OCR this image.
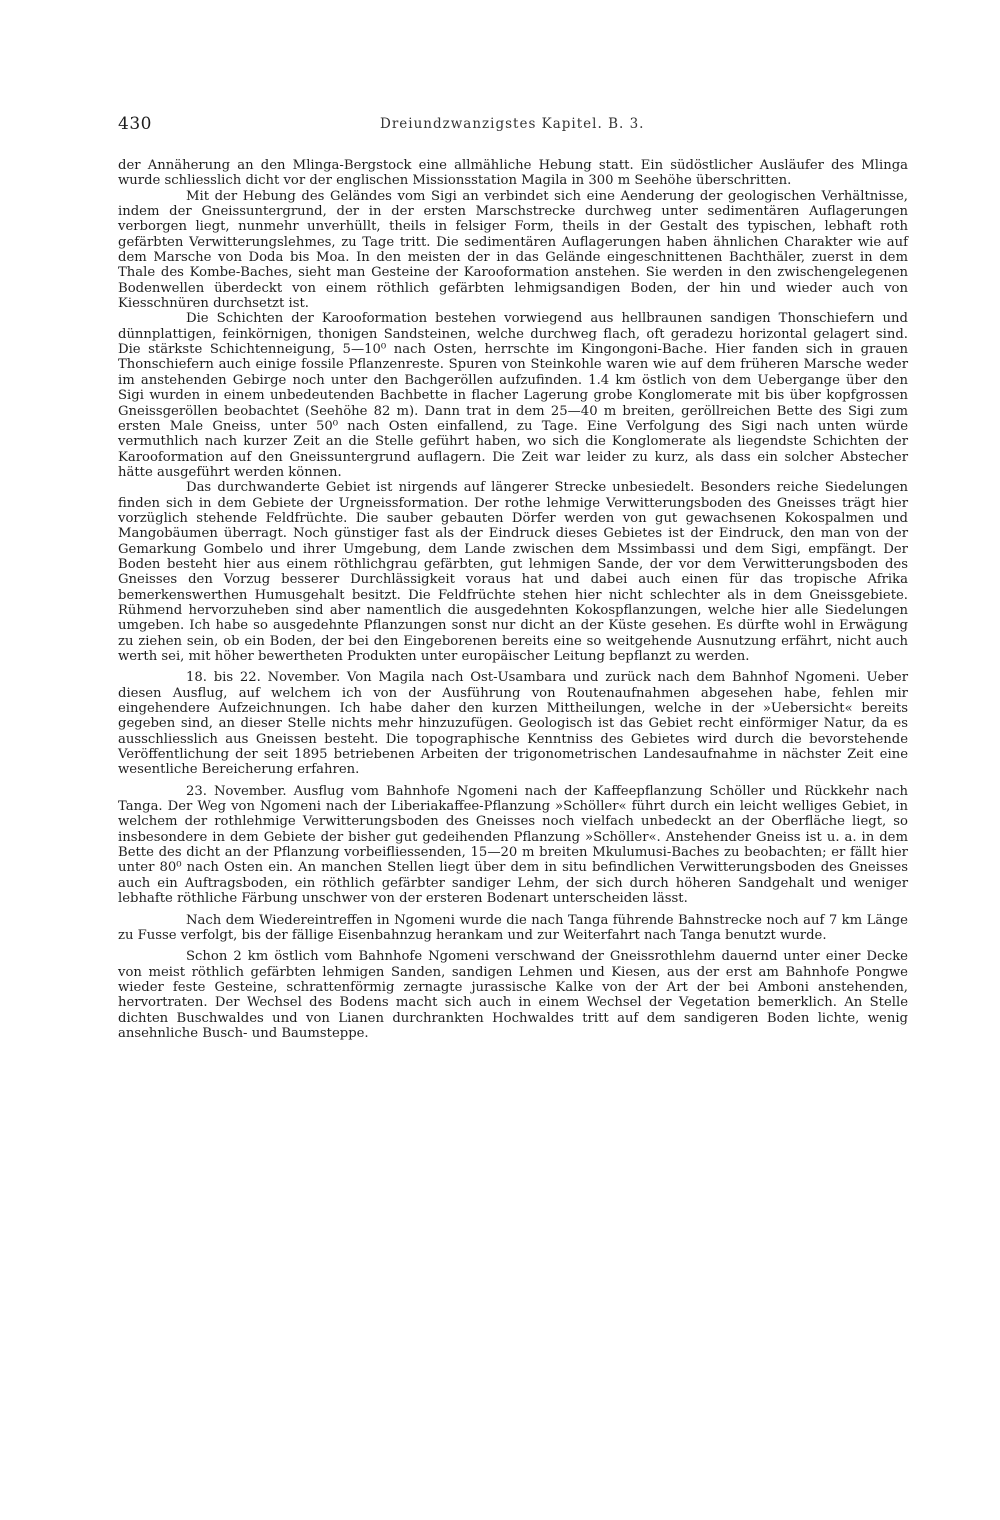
430	Dreiundzwanzigstes Kapitel. B. 3.

der Annäherung an den Mlinga-Bergstock eine allmähliche Hebung statt. Ein südöstlicher Ausläufer des Mlinga wurde schliesslich dicht vor der englischen Missionsstation Magila in 300 m Seehöhe überschritten.

Mit der Hebung des Geländes vom Sigi an verbindet sich eine Aenderung der geologischen Verhältnisse, indem der Gneissuntergrund, der in der ersten Marschstrecke durchweg unter sedimentären Auflagerungen verborgen liegt, nunmehr unverhüllt, theils in felsiger Form, theils in der Gestalt des typischen, lebhaft roth gefärbten Verwitterungslehmes, zu Tage tritt. Die sedimentären Auflagerungen haben ähnlichen Charakter wie auf dem Marsche von Doda bis Moa. In den meisten der in das Gelände eingeschnittenen Bachthäler, zuerst in dem Thale des Kombe-Baches, sieht man Gesteine der Karooformation anstehen. Sie werden in den zwischengelegenen Bodenwellen überdeckt von einem röthlich gefärbten lehmigsandigen Boden, der hin und wieder auch von Kiesschnüren durchsetzt ist.

Die Schichten der Karooformation bestehen vorwiegend aus hellbraunen sandigen Thonschiefern und dünnplattigen, feinkörnigen, thonigen Sandsteinen, welche durchweg flach, oft geradezu horizontal gelagert sind. Die stärkste Schichtenneigung, 5—10⁰ nach Osten, herrschte im Kingongoni-Bache. Hier fanden sich in grauen Thonschiefern auch einige fossile Pflanzenreste. Spuren von Steinkohle waren wie auf dem früheren Marsche weder im anstehenden Gebirge noch unter den Bachgeröllen aufzufinden. 1.4 km östlich von dem Uebergange über den Sigi wurden in einem unbedeutenden Bachbette in flacher Lagerung grobe Konglomerate mit bis über kopfgrossen Gneissgeröllen beobachtet (Seehöhe 82 m). Dann trat in dem 25—40 m breiten, geröllreichen Bette des Sigi zum ersten Male Gneiss, unter 50⁰ nach Osten einfallend, zu Tage. Eine Verfolgung des Sigi nach unten würde vermuthlich nach kurzer Zeit an die Stelle geführt haben, wo sich die Konglomerate als liegendste Schichten der Karooformation auf den Gneissuntergrund auflagern. Die Zeit war leider zu kurz, als dass ein solcher Abstecher hätte ausgeführt werden können.

Das durchwanderte Gebiet ist nirgends auf längerer Strecke unbesiedelt. Besonders reiche Siedelungen finden sich in dem Gebiete der Urgneissformation. Der rothe lehmige Verwitterungsboden des Gneisses trägt hier vorzüglich stehende Feldfrüchte. Die sauber gebauten Dörfer werden von gut gewachsenen Kokospalmen und Mangobäumen überragt. Noch günstiger fast als der Eindruck dieses Gebietes ist der Eindruck, den man von der Gemarkung Gombelo und ihrer Umgebung, dem Lande zwischen dem Mssimbassi und dem Sigi, empfängt. Der Boden besteht hier aus einem röthlichgrau gefärbten, gut lehmigen Sande, der vor dem Verwitterungsboden des Gneisses den Vorzug besserer Durchlässigkeit voraus hat und dabei auch einen für das tropische Afrika bemerkenswerthen Humusgehalt besitzt. Die Feldfrüchte stehen hier nicht schlechter als in dem Gneissgebiete. Rühmend hervorzuheben sind aber namentlich die ausgedehnten Kokospflanzungen, welche hier alle Siedelungen umgeben. Ich habe so ausgedehnte Pflanzungen sonst nur dicht an der Küste gesehen. Es dürfte wohl in Erwägung zu ziehen sein, ob ein Boden, der bei den Eingeborenen bereits eine so weitgehende Ausnutzung erfährt, nicht auch werth sei, mit höher bewertheten Produkten unter europäischer Leitung bepflanzt zu werden.

18. bis 22. November. Von Magila nach Ost-Usambara und zurück nach dem Bahnhof Ngomeni. Ueber diesen Ausflug, auf welchem ich von der Ausführung von Routenaufnahmen abgesehen habe, fehlen mir eingehendere Aufzeichnungen. Ich habe daher den kurzen Mittheilungen, welche in der »Uebersicht« bereits gegeben sind, an dieser Stelle nichts mehr hinzuzufügen. Geologisch ist das Gebiet recht einförmiger Natur, da es ausschliesslich aus Gneissen besteht. Die topographische Kenntniss des Gebietes wird durch die bevorstehende Veröffentlichung der seit 1895 betriebenen Arbeiten der trigonometrischen Landesaufnahme in nächster Zeit eine wesentliche Bereicherung erfahren.

23. November. Ausflug vom Bahnhofe Ngomeni nach der Kaffeepflanzung Schöller und Rückkehr nach Tanga. Der Weg von Ngomeni nach der Liberiakaffee-Pflanzung »Schöller« führt durch ein leicht welliges Gebiet, in welchem der rothlehmige Verwitterungsboden des Gneisses noch vielfach unbedeckt an der Oberfläche liegt, so insbesondere in dem Gebiete der bisher gut gedeihenden Pflanzung »Schöller«. Anstehender Gneiss ist u. a. in dem Bette des dicht an der Pflanzung vorbeifliessenden, 15—20 m breiten Mkulumusi-Baches zu beobachten; er fällt hier unter 80⁰ nach Osten ein. An manchen Stellen liegt über dem in situ befindlichen Verwitterungsboden des Gneisses auch ein Auftragsboden, ein röthlich gefärbter sandiger Lehm, der sich durch höheren Sandgehalt und weniger lebhafte röthliche Färbung unschwer von der ersteren Bodenart unterscheiden lässt.

Nach dem Wiedereintreffen in Ngomeni wurde die nach Tanga führende Bahnstrecke noch auf 7 km Länge zu Fusse verfolgt, bis der fällige Eisenbahnzug herankam und zur Weiterfahrt nach Tanga benutzt wurde.

Schon 2 km östlich vom Bahnhofe Ngomeni verschwand der Gneissrothlehm dauernd unter einer Decke von meist röthlich gefärbten lehmigen Sanden, sandigen Lehmen und Kiesen, aus der erst am Bahnhofe Pongwe wieder feste Gesteine, schrattenförmig zernagte jurassische Kalke von der Art der bei Amboni anstehenden, hervortraten. Der Wechsel des Bodens macht sich auch in einem Wechsel der Vegetation bemerklich. An Stelle dichten Buschwaldes und von Lianen durchrankten Hochwaldes tritt auf dem sandigeren Boden lichte, wenig ansehnliche Busch- und Baumsteppe.
